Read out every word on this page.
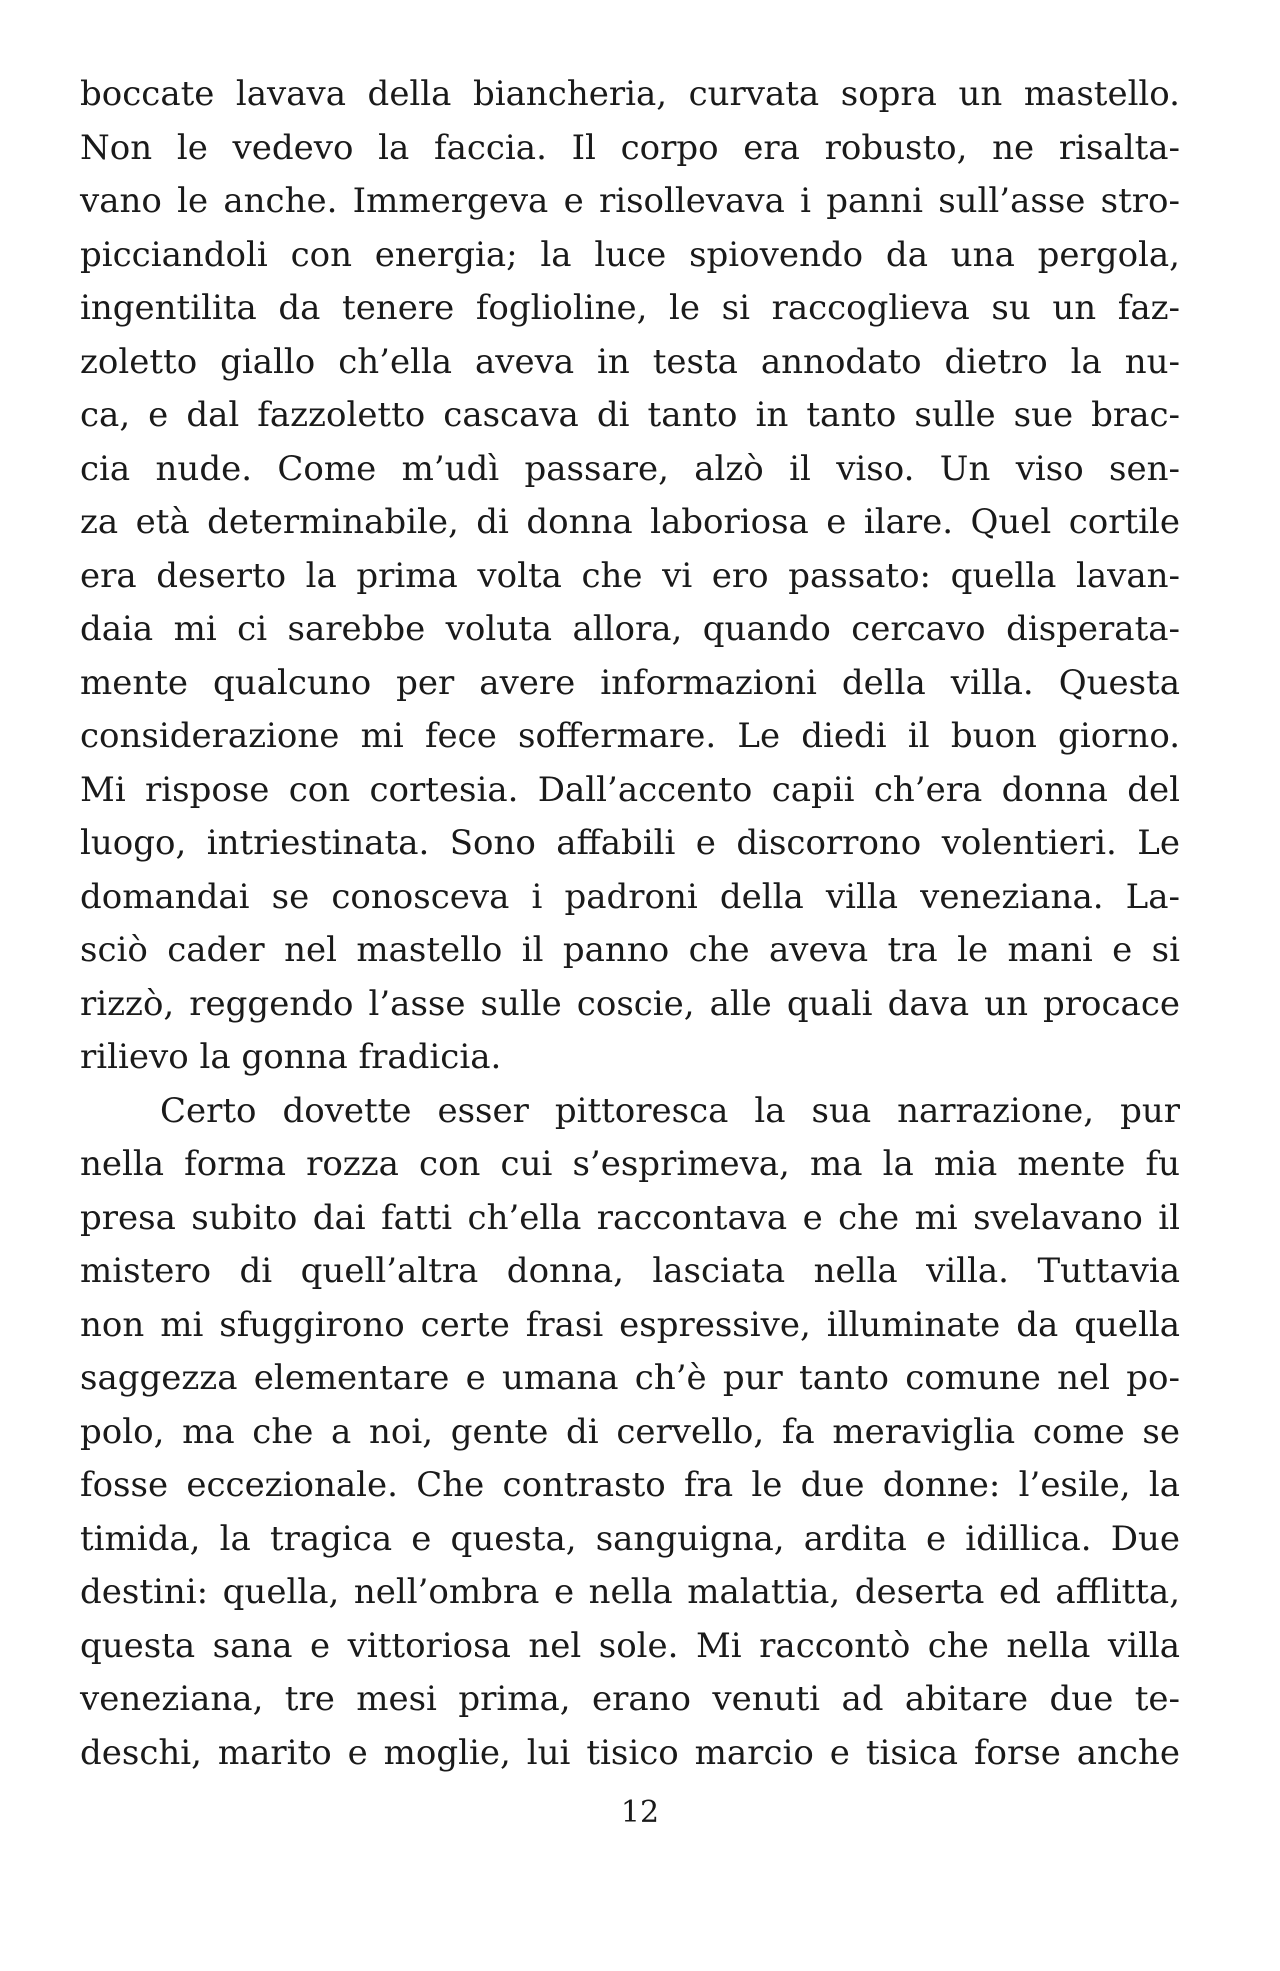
boccate lavava della biancheria, curvata sopra un mastello.
Non le vedevo la faccia. Il corpo era robusto, ne risalta-
vano le anche. Immergeva e risollevava i panni sull’asse stro-
picciandoli con energia; la luce spiovendo da una pergola,
ingentilita da tenere foglioline, le si raccoglieva su un faz-
zoletto giallo ch’ella aveva in testa annodato dietro la nu-
ca, e dal fazzoletto cascava di tanto in tanto sulle sue brac-
cia nude. Come m’udì passare, alzò il viso. Un viso sen-
za età determinabile, di donna laboriosa e ilare. Quel cortile
era deserto la prima volta che vi ero passato: quella lavan-
daia mi ci sarebbe voluta allora, quando cercavo disperata-
mente qualcuno per avere informazioni della villa. Questa
considerazione mi fece soffermare. Le diedi il buon giorno.
Mi rispose con cortesia. Dall’accento capii ch’era donna del
luogo, intriestinata. Sono affabili e discorrono volentieri. Le
domandai se conosceva i padroni della villa veneziana. La-
sciò cader nel mastello il panno che aveva tra le mani e si
rizzò, reggendo l’asse sulle coscie, alle quali dava un procace
rilievo la gonna fradicia.
Certo dovette esser pittoresca la sua narrazione, pur
nella forma rozza con cui s’esprimeva, ma la mia mente fu
presa subito dai fatti ch’ella raccontava e che mi svelavano il
mistero di quell’altra donna, lasciata nella villa. Tuttavia
non mi sfuggirono certe frasi espressive, illuminate da quella
saggezza elementare e umana ch’è pur tanto comune nel po-
polo, ma che a noi, gente di cervello, fa meraviglia come se
fosse eccezionale. Che contrasto fra le due donne: l’esile, la
timida, la tragica e questa, sanguigna, ardita e idillica. Due
destini: quella, nell’ombra e nella malattia, deserta ed afflitta,
questa sana e vittoriosa nel sole. Mi raccontò che nella villa
veneziana, tre mesi prima, erano venuti ad abitare due te-
deschi, marito e moglie, lui tisico marcio e tisica forse anche
12
